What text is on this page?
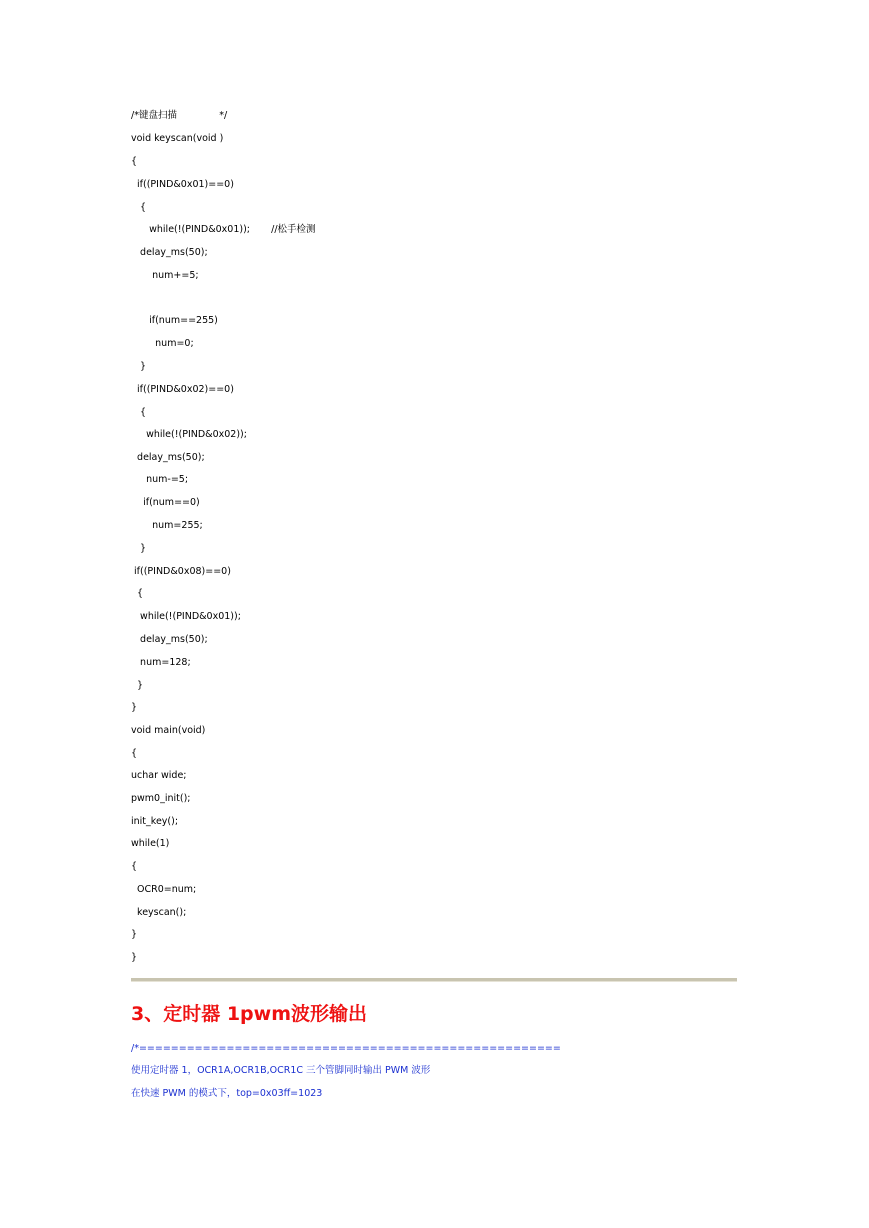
/*键盘扫描              */
void keyscan(void )
{
if((PIND&0x01)==0)
{
while(!(PIND&0x01));       //松手检测
delay_ms(50);
num+=5;
if(num==255)
num=0;
}
if((PIND&0x02)==0)
{
while(!(PIND&0x02));
delay_ms(50);
num-=5;
if(num==0)
num=255;
}
if((PIND&0x08)==0)
{
while(!(PIND&0x01));
delay_ms(50);
num=128;
}
}
void main(void)
{
uchar wide;
pwm0_init();
init_key();
while(1)
{
OCR0=num;
keyscan();
}
}
3、定时器 1pwm波形输出
/*=====================================================
使用定时器 1，OCR1A,OCR1B,OCR1C 三个管脚同时输出 PWM 波形
在快速 PWM 的模式下，top=0x03ff=1023
